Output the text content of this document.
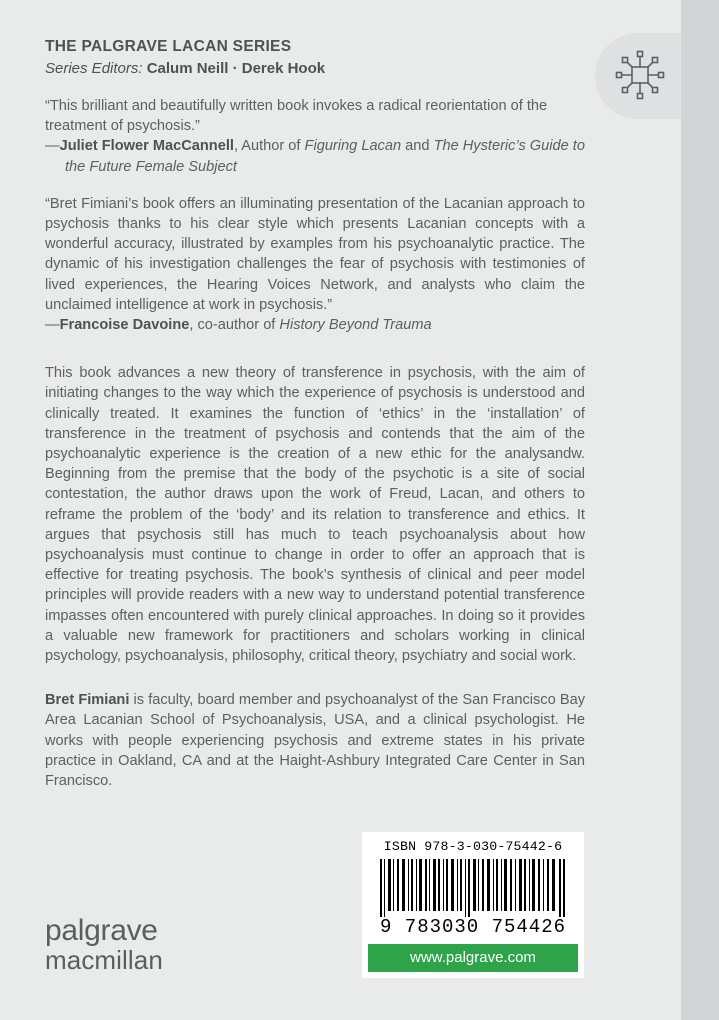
THE PALGRAVE LACAN SERIES
Series Editors: Calum Neill · Derek Hook
“This brilliant and beautifully written book invokes a radical reorientation of the treatment of psychosis.”
—Juliet Flower MacCannell, Author of Figuring Lacan and The Hysteric’s Guide to the Future Female Subject
“Bret Fimiani’s book offers an illuminating presentation of the Lacanian approach to psychosis thanks to his clear style which presents Lacanian concepts with a wonderful accuracy, illustrated by examples from his psychoanalytic practice. The dynamic of his investigation challenges the fear of psychosis with testimonies of lived experiences, the Hearing Voices Network, and analysts who claim the unclaimed intelligence at work in psychosis.”
—Francoise Davoine, co-author of History Beyond Trauma
This book advances a new theory of transference in psychosis, with the aim of initiating changes to the way which the experience of psychosis is understood and clinically treated. It examines the function of ‘ethics’ in the ‘installation’ of transference in the treatment of psychosis and contends that the aim of the psychoanalytic experience is the creation of a new ethic for the analysandw. Beginning from the premise that the body of the psychotic is a site of social contestation, the author draws upon the work of Freud, Lacan, and others to reframe the problem of the ‘body’ and its relation to transference and ethics. It argues that psychosis still has much to teach psychoanalysis about how psychoanalysis must continue to change in order to offer an approach that is effective for treating psychosis. The book’s synthesis of clinical and peer model principles will provide readers with a new way to understand potential transference impasses often encountered with purely clinical approaches. In doing so it provides a valuable new framework for practitioners and scholars working in clinical psychology, psychoanalysis, philosophy, critical theory, psychiatry and social work.
Bret Fimiani is faculty, board member and psychoanalyst of the San Francisco Bay Area Lacanian School of Psychoanalysis, USA, and a clinical psychologist. He works with people experiencing psychosis and extreme states in his private practice in Oakland, CA and at the Haight-Ashbury Integrated Care Center in San Francisco.
palgrave
macmillan
ISBN 978-3-030-75442-6
9 783030 754426
www.palgrave.com
